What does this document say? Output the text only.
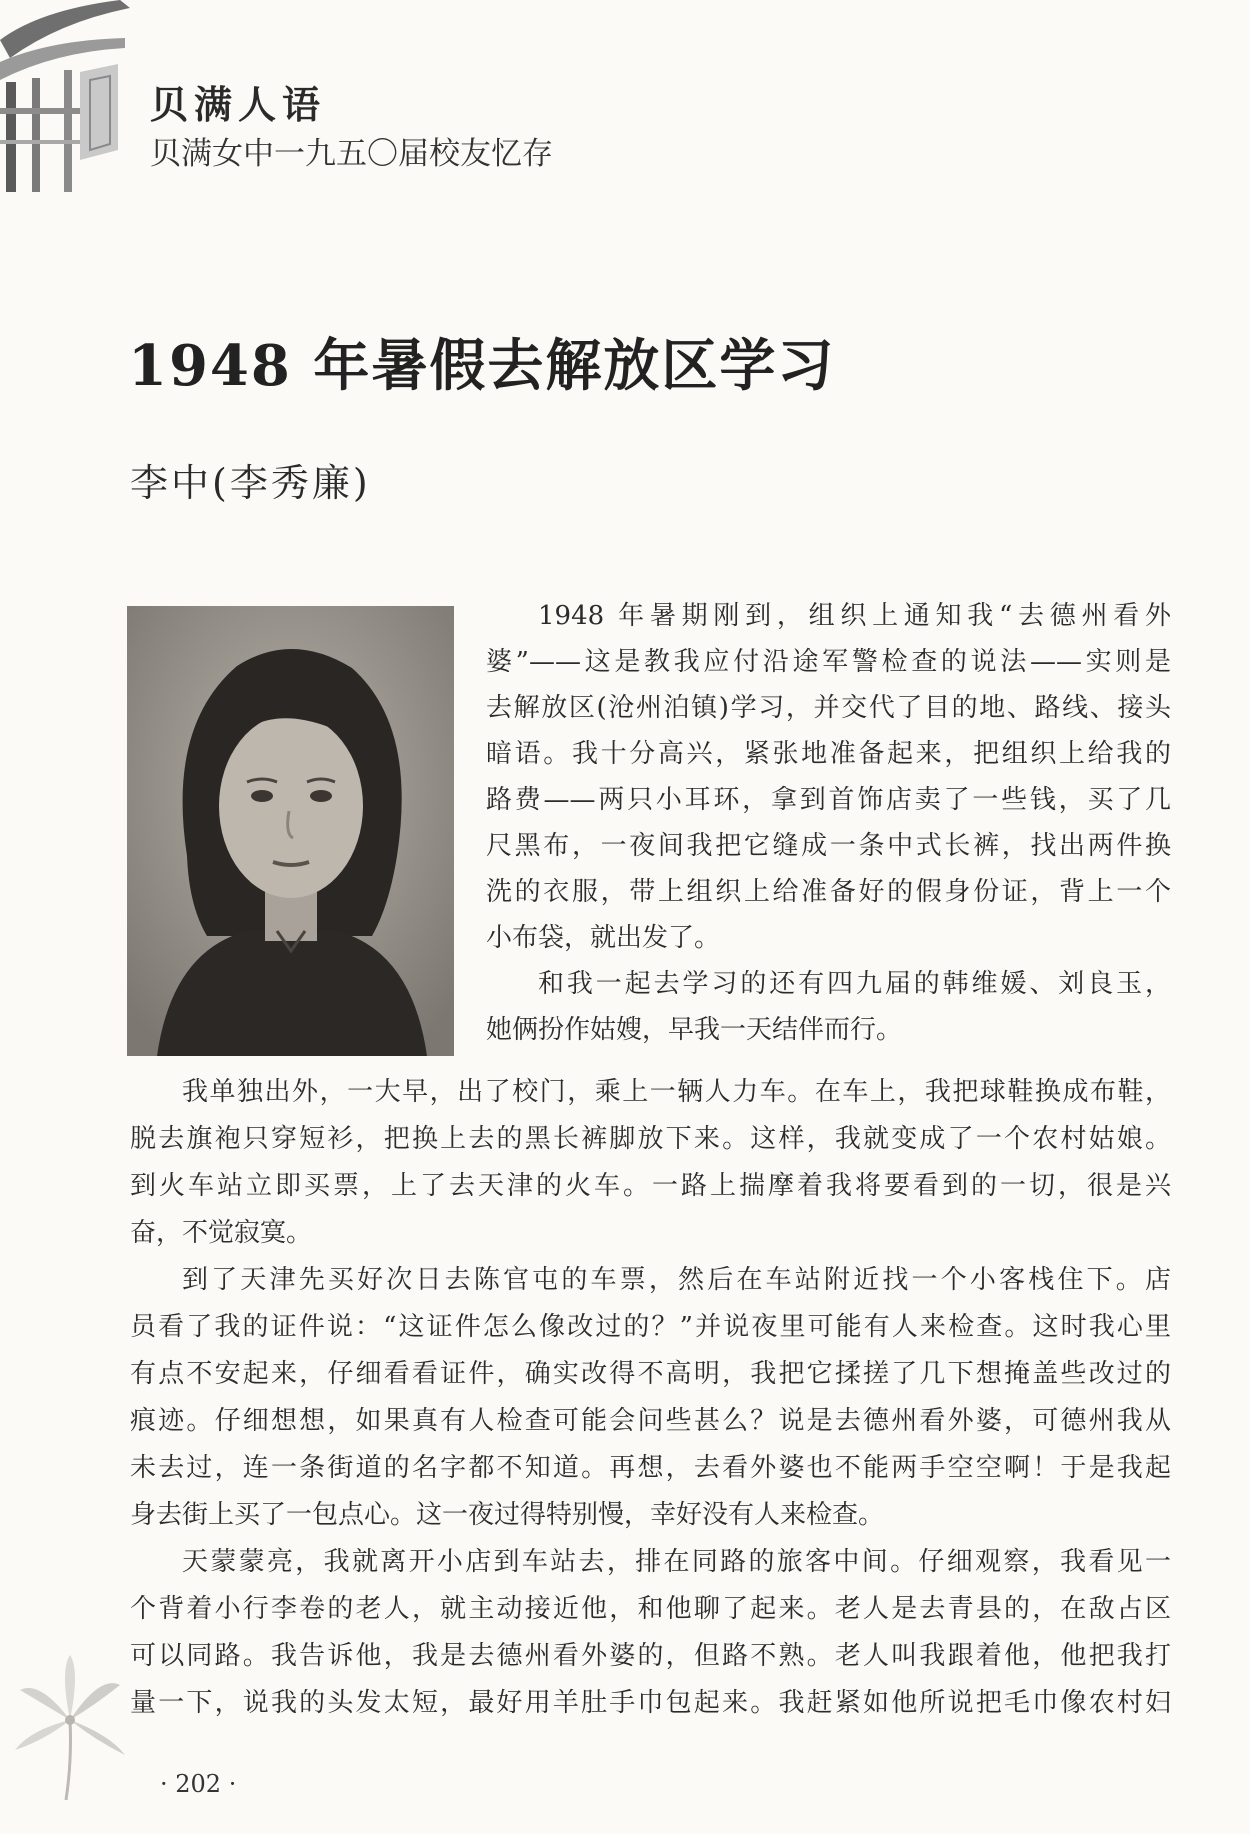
贝满人语

贝满女中一九五〇届校友忆存

1948 年暑假去解放区学习
李中(李秀廉)
1948 年暑期刚到，组织上通知我“去德州看外
婆”——这是教我应付沿途军警检查的说法——实则是
去解放区(沧州泊镇)学习，并交代了目的地、路线、接头
暗语。我十分高兴，紧张地准备起来，把组织上给我的
路费——两只小耳环，拿到首饰店卖了一些钱，买了几
尺黑布，一夜间我把它缝成一条中式长裤，找出两件换
洗的衣服，带上组织上给准备好的假身份证，背上一个
小布袋，就出发了。
和我一起去学习的还有四九届的韩维媛、刘良玉，
她俩扮作姑嫂，早我一天结伴而行。
我单独出外，一大早，出了校门，乘上一辆人力车。在车上，我把球鞋换成布鞋，
脱去旗袍只穿短衫，把换上去的黑长裤脚放下来。这样，我就变成了一个农村姑娘。
到火车站立即买票，上了去天津的火车。一路上揣摩着我将要看到的一切，很是兴
奋，不觉寂寞。
到了天津先买好次日去陈官屯的车票，然后在车站附近找一个小客栈住下。店
员看了我的证件说：“这证件怎么像改过的？”并说夜里可能有人来检查。这时我心里
有点不安起来，仔细看看证件，确实改得不高明，我把它揉搓了几下想掩盖些改过的
痕迹。仔细想想，如果真有人检查可能会问些甚么？说是去德州看外婆，可德州我从
未去过，连一条街道的名字都不知道。再想，去看外婆也不能两手空空啊！于是我起
身去街上买了一包点心。这一夜过得特别慢，幸好没有人来检查。
天蒙蒙亮，我就离开小店到车站去，排在同路的旅客中间。仔细观察，我看见一
个背着小行李卷的老人，就主动接近他，和他聊了起来。老人是去青县的，在敌占区
可以同路。我告诉他，我是去德州看外婆的，但路不熟。老人叫我跟着他，他把我打
量一下，说我的头发太短，最好用羊肚手巾包起来。我赶紧如他所说把毛巾像农村妇

· 202 ·
